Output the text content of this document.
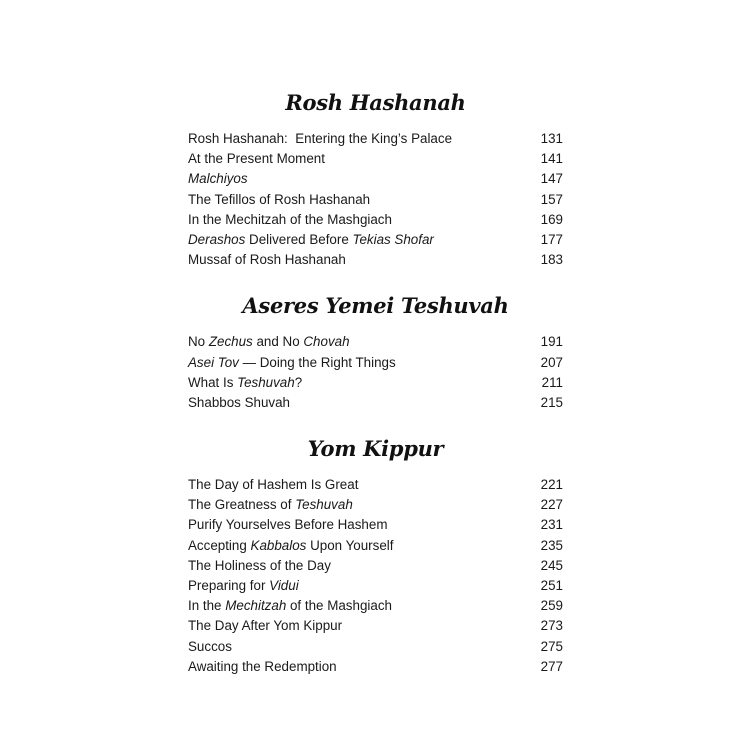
Rosh Hashanah
Rosh Hashanah:  Entering the King’s Palace	131
At the Present Moment	141
Malchiyos	147
The Tefillos of Rosh Hashanah	157
In the Mechitzah of the Mashgiach	169
Derashos Delivered Before Tekias Shofar	177
Mussaf of Rosh Hashanah	183
Aseres Yemei Teshuvah
No Zechus and No Chovah	191
Asei Tov — Doing the Right Things	207
What Is Teshuvah?	211
Shabbos Shuvah	215
Yom Kippur
The Day of Hashem Is Great	221
The Greatness of Teshuvah	227
Purify Yourselves Before Hashem	231
Accepting Kabbalos Upon Yourself	235
The Holiness of the Day	245
Preparing for Vidui	251
In the Mechitzah of the Mashgiach	259
The Day After Yom Kippur	273
Succos	275
Awaiting the Redemption	277
